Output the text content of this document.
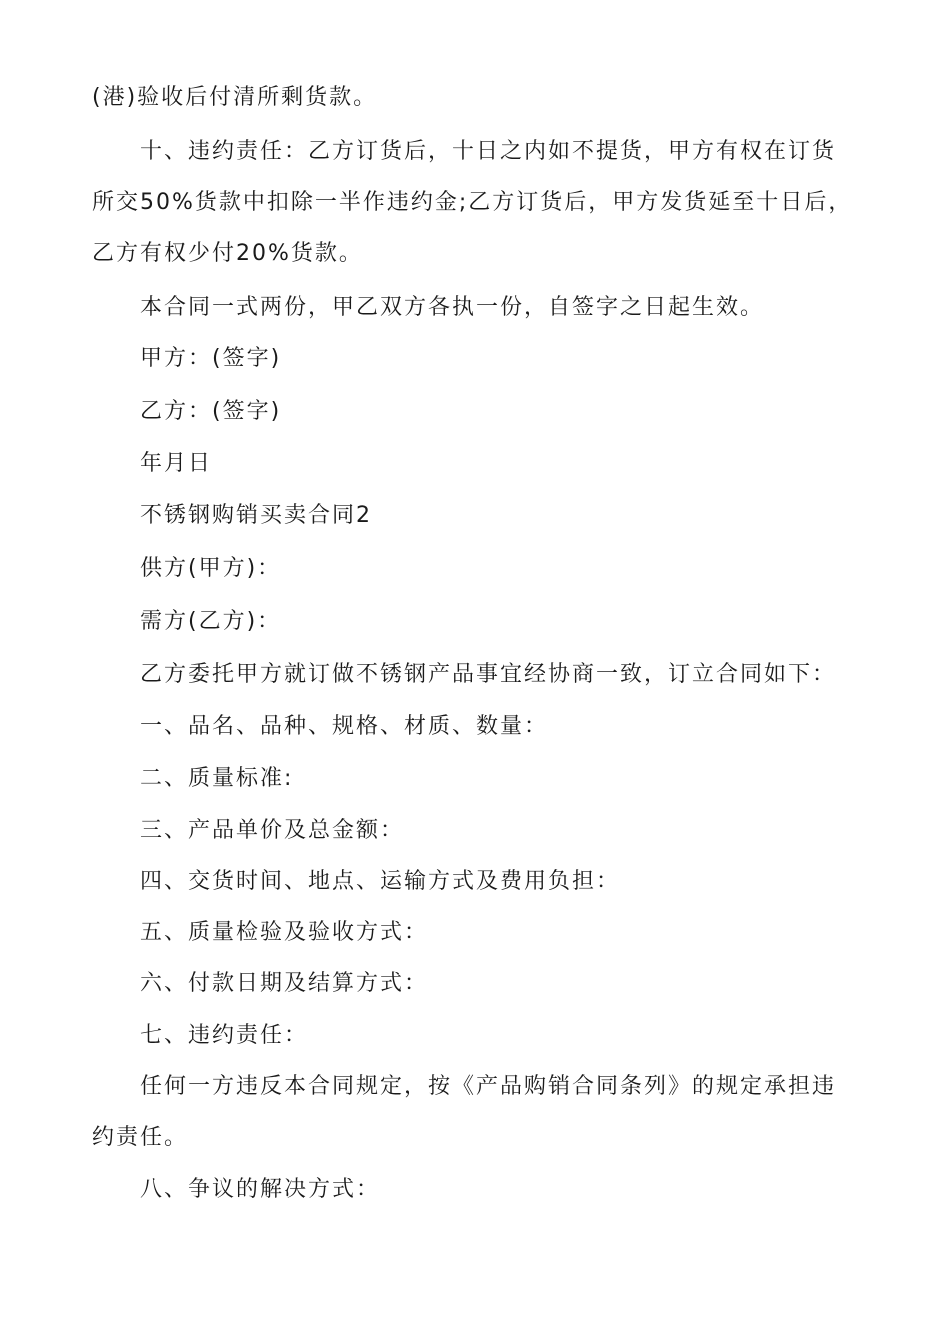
(港)验收后付清所剩货款。

十、违约责任：乙方订货后，十日之内如不提货，甲方有权在订货所交50%货款中扣除一半作违约金;乙方订货后，甲方发货延至十日后，乙方有权少付20%货款。

本合同一式两份，甲乙双方各执一份，自签字之日起生效。

甲方：(签字)

乙方：(签字)

年月日

不锈钢购销买卖合同2

供方(甲方)：

需方(乙方)：

乙方委托甲方就订做不锈钢产品事宜经协商一致，订立合同如下：

一、品名、品种、规格、材质、数量：

二、质量标准:

三、产品单价及总金额：

四、交货时间、地点、运输方式及费用负担：

五、质量检验及验收方式：

六、付款日期及结算方式：

七、违约责任：

任何一方违反本合同规定，按《产品购销合同条列》的规定承担违约责任。

八、争议的解决方式：
